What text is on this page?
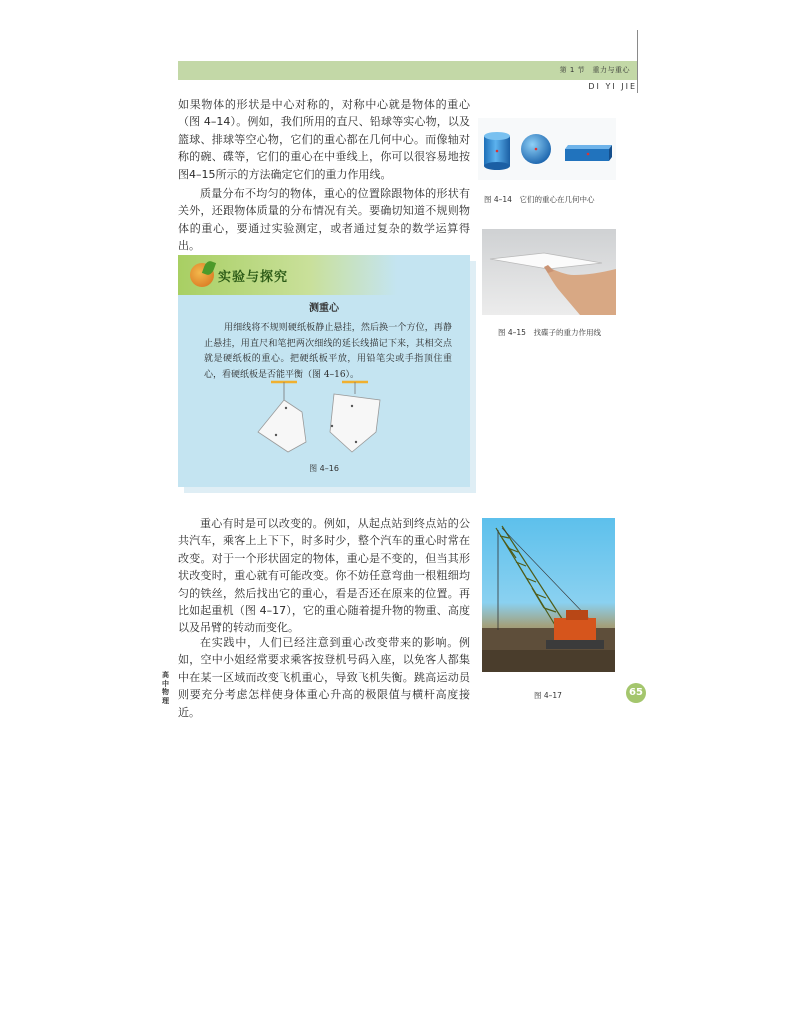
第 1 节　重力与重心
DI YI JIE

如果物体的形状是中心对称的，对称中心就是物体的重心（图 4–14）。例如，我们所用的直尺、铅球等实心物，以及篮球、排球等空心物，它们的重心都在几何中心。而像轴对称的碗、碟等，它们的重心在中垂线上，你可以很容易地按图4–15所示的方法确定它们的重力作用线。

质量分布不均匀的物体，重心的位置除跟物体的形状有关外，还跟物体质量的分布情况有关。要确切知道不规则物体的重心，要通过实验测定，或者通过复杂的数学运算得出。

实验与探究
测重心
用细线将不规则硬纸板静止悬挂，然后换一个方位，再静止悬挂，用直尺和笔把两次细线的延长线描记下来，其相交点就是硬纸板的重心。把硬纸板平放，用铅笔尖或手指顶住重心，看硬纸板是否能平衡（图 4–16）。
图 4–16

重心有时是可以改变的。例如，从起点站到终点站的公共汽车，乘客上上下下，时多时少，整个汽车的重心时常在改变。对于一个形状固定的物体，重心是不变的，但当其形状改变时，重心就有可能改变。你不妨任意弯曲一根粗细均匀的铁丝，然后找出它的重心，看是否还在原来的位置。再比如起重机（图 4–17），它的重心随着提升物的物重、高度以及吊臂的转动而变化。

在实践中，人们已经注意到重心改变带来的影响。例如，空中小姐经常要求乘客按登机号码入座，以免客人都集中在某一区域而改变飞机重心，导致飞机失衡。跳高运动员则要充分考虑怎样使身体重心升高的极限值与横杆高度接近。

图 4–14　它们的重心在几何中心
图 4–15　找碟子的重力作用线
图 4–17
高中物理
65
